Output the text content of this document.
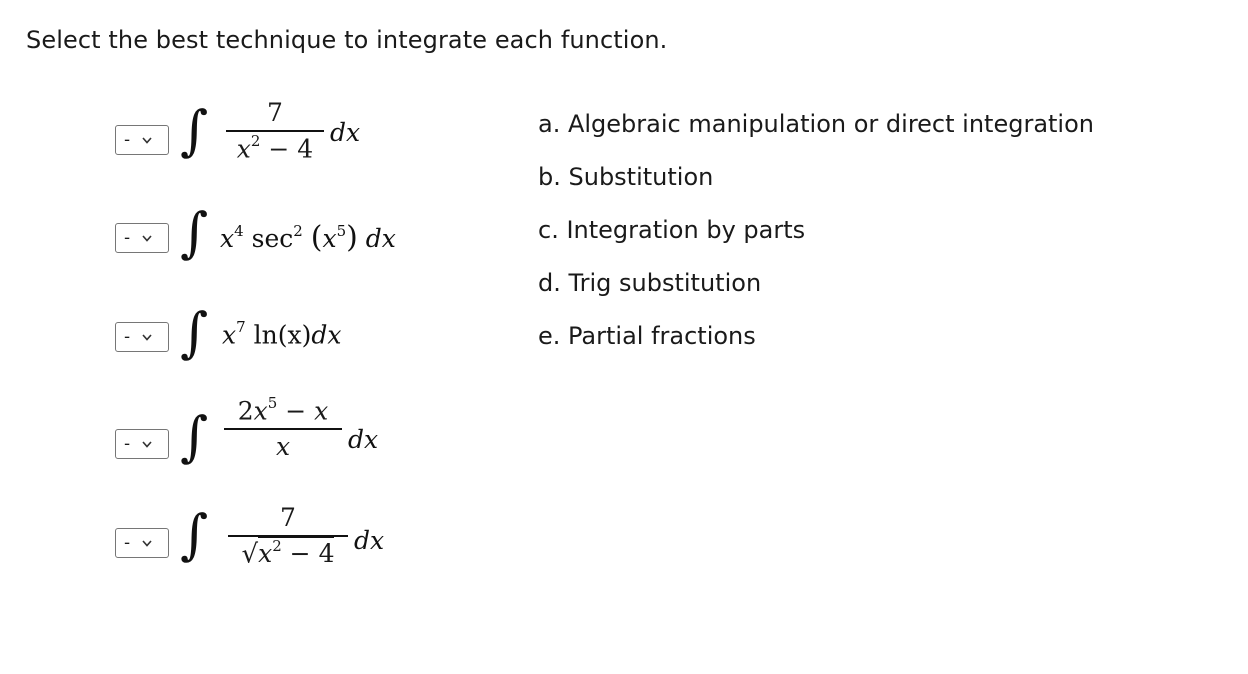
Select the best technique to integrate each function.
- ∫ 7
$x^2 - 4$
dx
- ∫ $x^4$ $\sec^2 (x^5)$ dx
- ∫ $x^7$ ln(x)dx
- ∫ $2x^5 - x$
x dx
- ∫	7
$√x^2 - 4$ dx
a. Algebraic manipulation or direct integration
b. Substitution
c. Integration by parts
d. Trig substitution
e. Partial fractions
